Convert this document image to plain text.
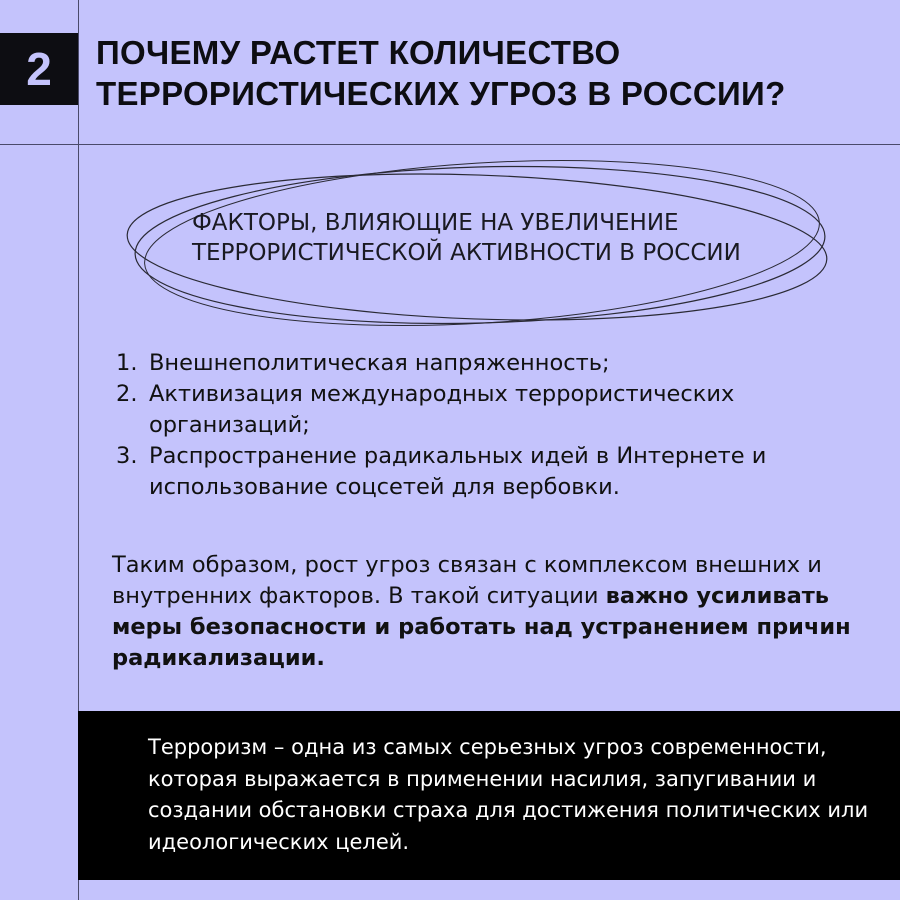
2 ПОЧЕМУ РАСТЕТ КОЛИЧЕСТВО ТЕРРОРИСТИЧЕСКИХ УГРОЗ В РОССИИ?
ФАКТОРЫ, ВЛИЯЮЩИЕ НА УВЕЛИЧЕНИЕ ТЕРРОРИСТИЧЕСКОЙ АКТИВНОСТИ В РОССИИ
1. Внешнеполитическая напряженность;
2. Активизация международных террористических организаций;
3. Распространение радикальных идей в Интернете и использование соцсетей для вербовки.

Таким образом, рост угроз связан с комплексом внешних и внутренних факторов. В такой ситуации важно усиливать меры безопасности и работать над устранением причин радикализации.

Терроризм – одна из самых серьезных угроз современности, которая выражается в применении насилия, запугивании и создании обстановки страха для достижения политических или идеологических целей.
